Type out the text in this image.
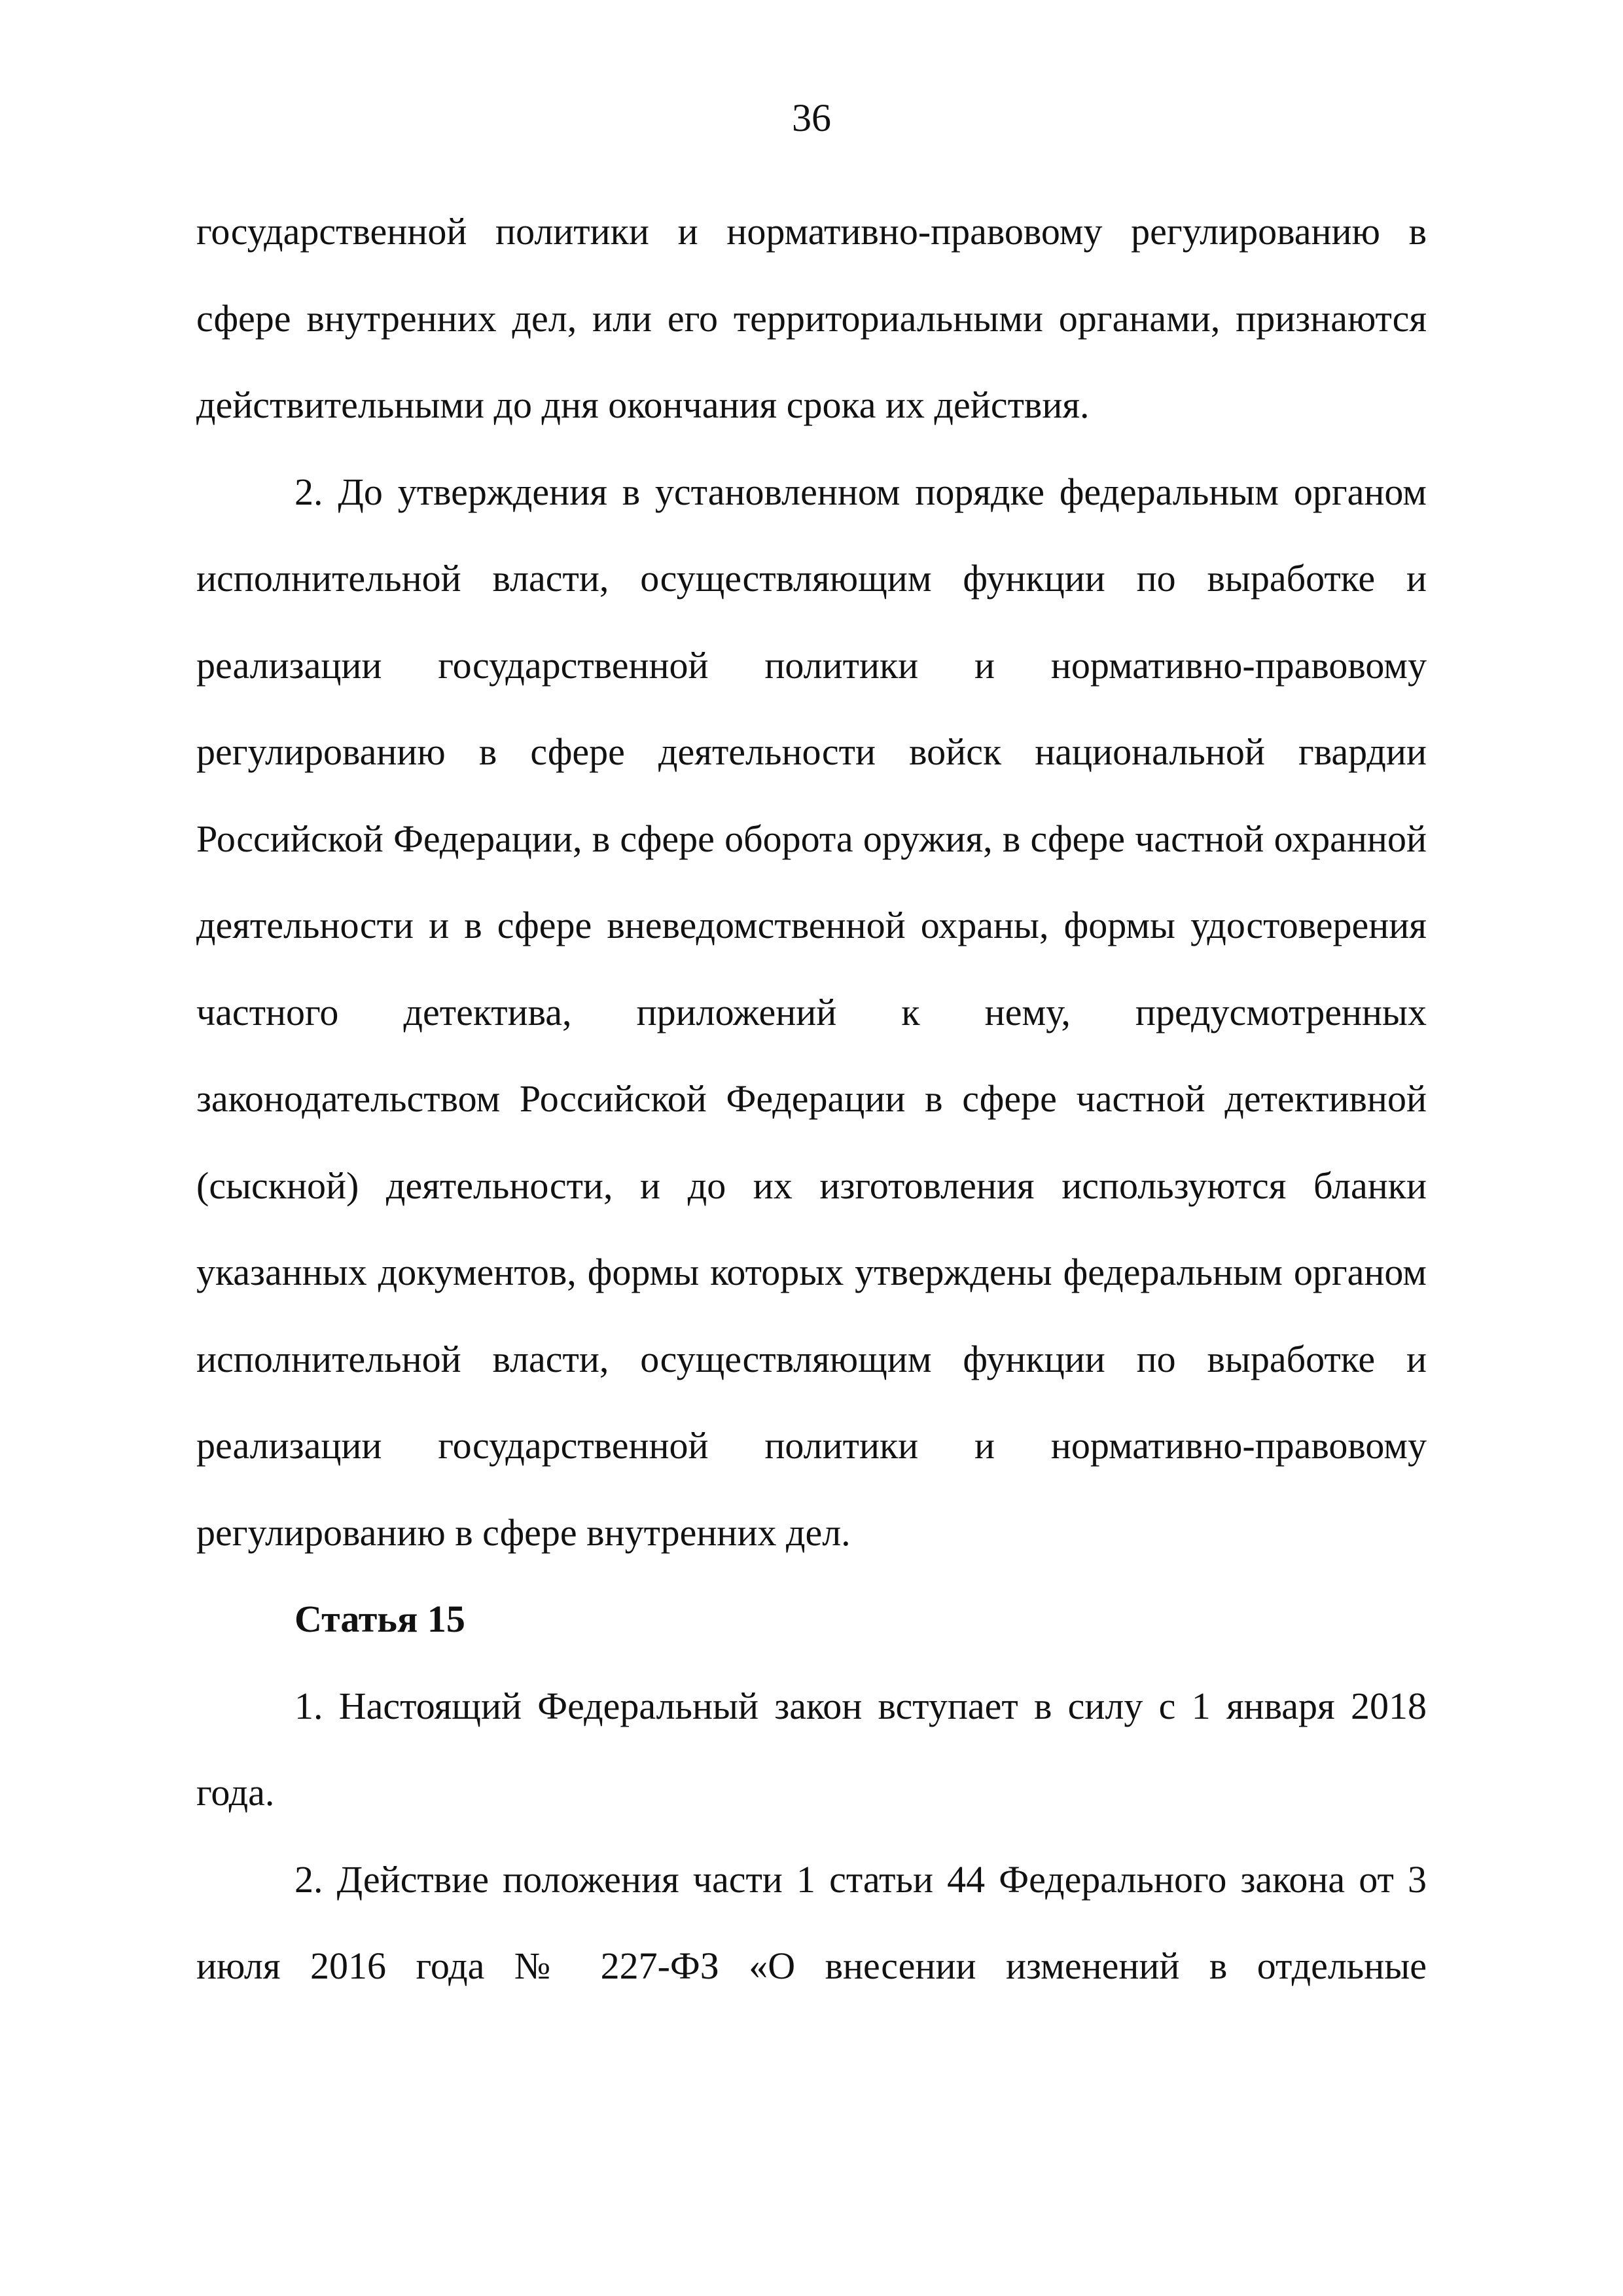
36

государственной политики и нормативно-правовому регулированию в сфере внутренних дел, или его территориальными органами, признаются действительными до дня окончания срока их действия.

2. До утверждения в установленном порядке федеральным органом исполнительной власти, осуществляющим функции по выработке и реализации государственной политики и нормативно-правовому регулированию в сфере деятельности войск национальной гвардии Российской Федерации, в сфере оборота оружия, в сфере частной охранной деятельности и в сфере вневедомственной охраны, формы удостоверения частного детектива, приложений к нему, предусмотренных законодательством Российской Федерации в сфере частной детективной (сыскной) деятельности, и до их изготовления используются бланки указанных документов, формы которых утверждены федеральным органом исполнительной власти, осуществляющим функции по выработке и реализации государственной политики и нормативно-правовому регулированию в сфере внутренних дел.

Статья 15

1. Настоящий Федеральный закон вступает в силу с 1 января 2018 года.

2. Действие положения части 1 статьи 44 Федерального закона от 3 июля 2016 года № 227-ФЗ «О внесении изменений в отдельные
